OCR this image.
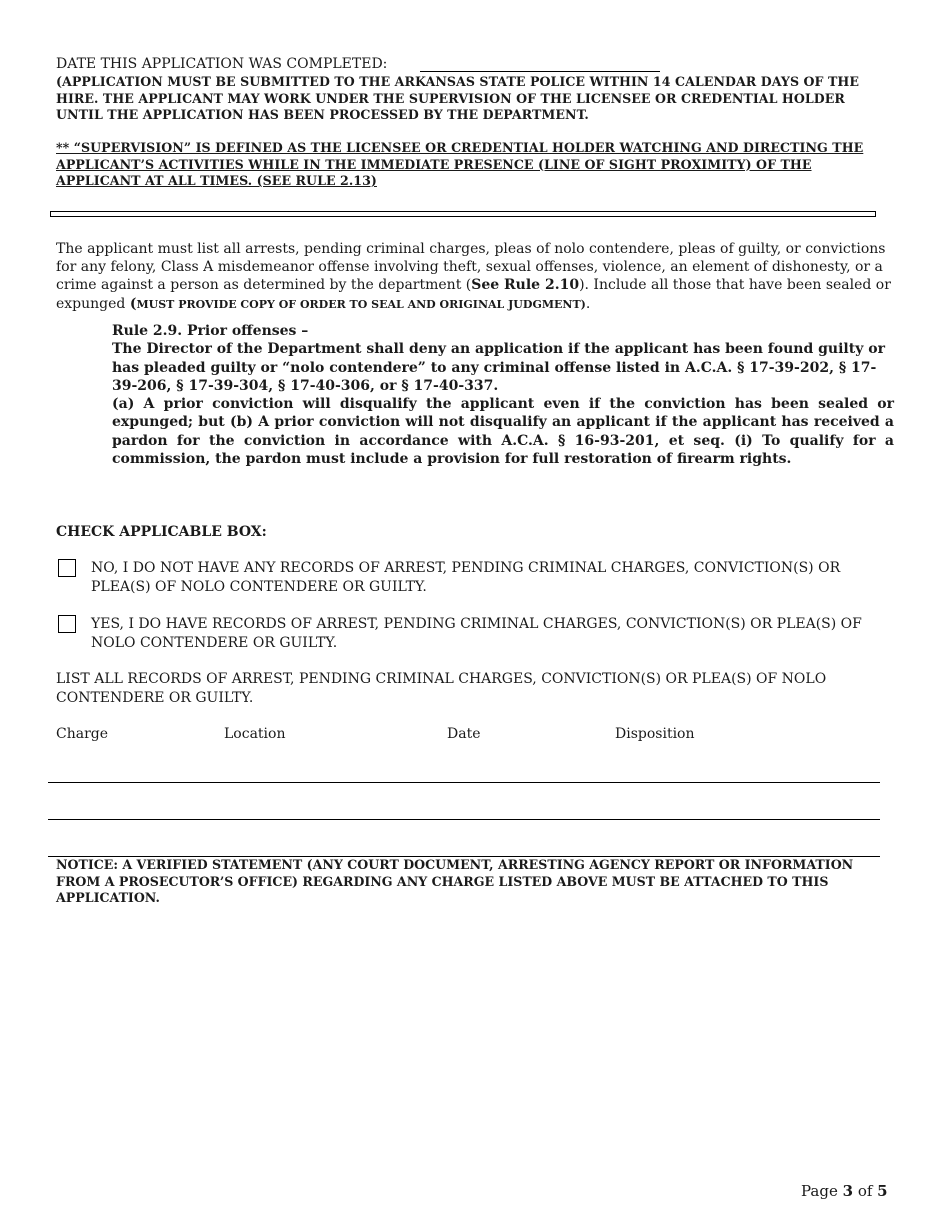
DATE THIS APPLICATION WAS COMPLETED:
(APPLICATION MUST BE SUBMITTED TO THE ARKANSAS STATE POLICE WITHIN 14 CALENDAR DAYS OF THE HIRE. THE APPLICANT MAY WORK UNDER THE SUPERVISION OF THE LICENSEE OR CREDENTIAL HOLDER UNTIL THE APPLICATION HAS BEEN PROCESSED BY THE DEPARTMENT.
** “SUPERVISION” IS DEFINED AS THE LICENSEE OR CREDENTIAL HOLDER WATCHING AND DIRECTING THE APPLICANT’S ACTIVITIES WHILE IN THE IMMEDIATE PRESENCE (LINE OF SIGHT PROXIMITY) OF THE APPLICANT AT ALL TIMES. (SEE RULE 2.13)
The applicant must list all arrests, pending criminal charges, pleas of nolo contendere, pleas of guilty, or convictions for any felony, Class A misdemeanor offense involving theft, sexual offenses, violence, an element of dishonesty, or a crime against a person as determined by the department (See Rule 2.10). Include all those that have been sealed or expunged (MUST PROVIDE COPY OF ORDER TO SEAL AND ORIGINAL JUDGMENT).

Rule 2.9. Prior offenses –

The Director of the Department shall deny an application if the applicant has been found guilty or has pleaded guilty or “nolo contendere” to any criminal offense listed in A.C.A. § 17-39-202, § 17-39-206, § 17-39-304, § 17-40-306, or § 17-40-337.

(a) A prior conviction will disqualify the applicant even if the conviction has been sealed or expunged; but (b) A prior conviction will not disqualify an applicant if the applicant has received a pardon for the conviction in accordance with A.C.A. § 16-93-201, et seq. (i) To qualify for a commission, the pardon must include a provision for full restoration of firearm rights.

CHECK APPLICABLE BOX:
NO, I DO NOT HAVE ANY RECORDS OF ARREST, PENDING CRIMINAL CHARGES, CONVICTION(S) OR PLEA(S) OF NOLO CONTENDERE OR GUILTY.
YES, I DO HAVE RECORDS OF ARREST, PENDING CRIMINAL CHARGES, CONVICTION(S) OR PLEA(S) OF NOLO CONTENDERE OR GUILTY.
LIST ALL RECORDS OF ARREST, PENDING CRIMINAL CHARGES, CONVICTION(S) OR PLEA(S) OF NOLO CONTENDERE OR GUILTY.
Charge	Location	Date	Disposition
NOTICE: A VERIFIED STATEMENT (ANY COURT DOCUMENT, ARRESTING AGENCY REPORT OR INFORMATION FROM A PROSECUTOR’S OFFICE) REGARDING ANY CHARGE LISTED ABOVE MUST BE ATTACHED TO THIS APPLICATION.
Page 3 of 5
